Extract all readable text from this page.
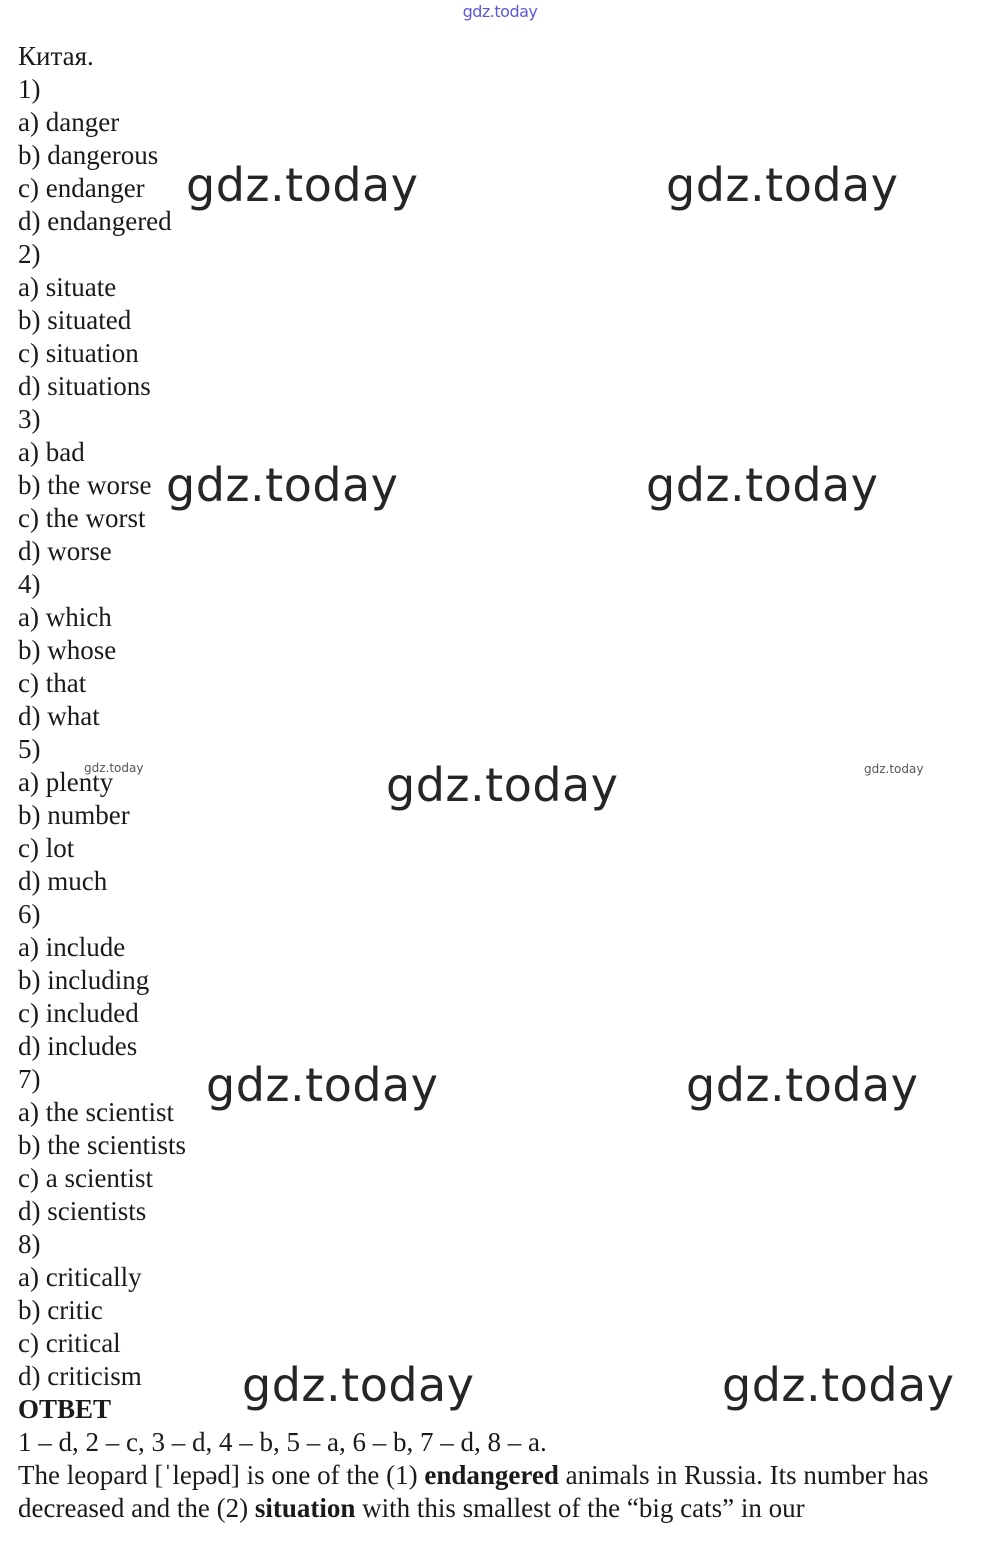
gdz.today
Китая.
1)
a) danger
b) dangerous
c) endanger
d) endangered
2)
a) situate
b) situated
c) situation
d) situations
3)
a) bad
b) the worse
c) the worst
d) worse
4)
a) which
b) whose
c) that
d) what
5)
a) plenty
b) number
c) lot
d) much
6)
a) include
b) including
c) included
d) includes
7)
a) the scientist
b) the scientists
c) a scientist
d) scientists
8)
a) critically
b) critic
c) critical
d) criticism
ОТВЕТ
1 – d, 2 – c, 3 – d, 4 – b, 5 – a, 6 – b, 7 – d, 8 – a.
The leopard [ˈlepəd] is one of the (1) endangered animals in Russia. Its number has decreased and the (2) situation with this smallest of the “big cats” in our
gdz.today	gdz.today
gdz.today	gdz.today
gdz.today
gdz.today	gdz.today
gdz.today	gdz.today
gdz.today	gdz.today
